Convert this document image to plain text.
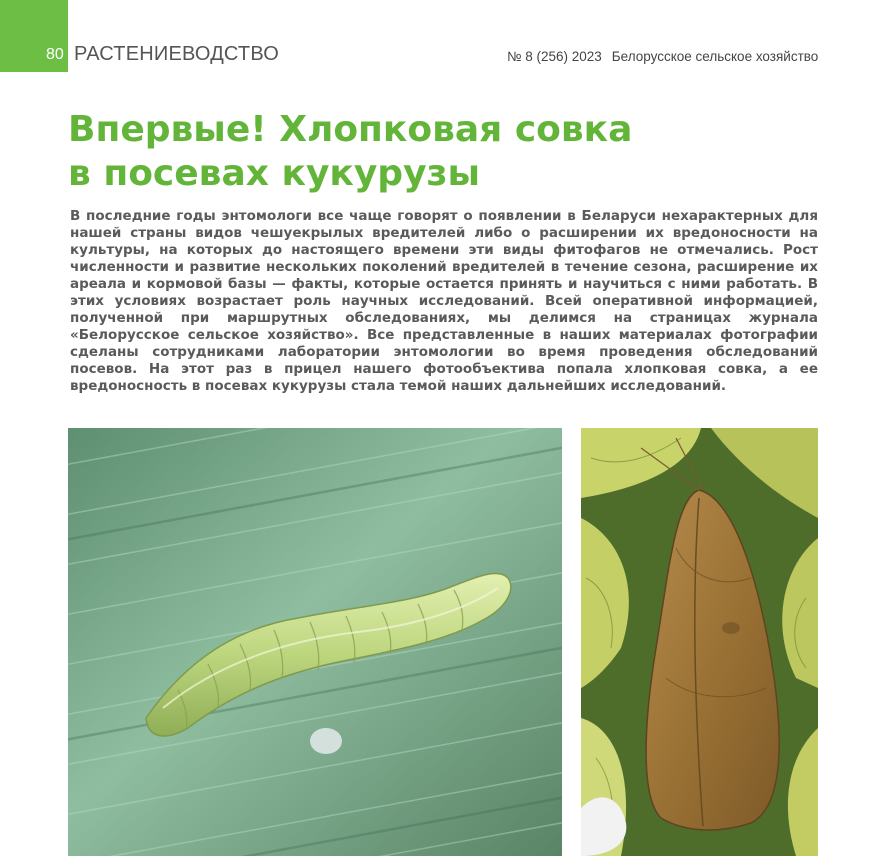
80 РАСТЕНИЕВОДСТВО	№ 8 (256) 2023 Белорусское сельское хозяйство
Впервые! Хлопковая совка
в посевах кукурузы

В последние годы энтомологи все чаще говорят о появлении в Беларуси нехарактерных для нашей страны видов чешуекрылых вредителей либо о расширении их вредоносности на культуры, на которых до настоящего времени эти виды фитофагов не отмечались. Рост численности и развитие нескольких поколений вредителей в течение сезона, расширение их ареала и кормовой базы — факты, которые остается принять и научиться с ними работать. В этих условиях возрастает роль научных исследований. Всей оперативной информацией, полученной при маршрутных обследованиях, мы делимся на страницах журнала «Белорусское сельское хозяйство». Все представленные в наших материалах фотографии сделаны сотрудниками лаборатории энтомологии во время проведения обследований посевов. На этот раз в прицел нашего фотообъектива попала хлопковая совка, а ее вредоносность в посевах кукурузы стала темой наших дальнейших исследований.
